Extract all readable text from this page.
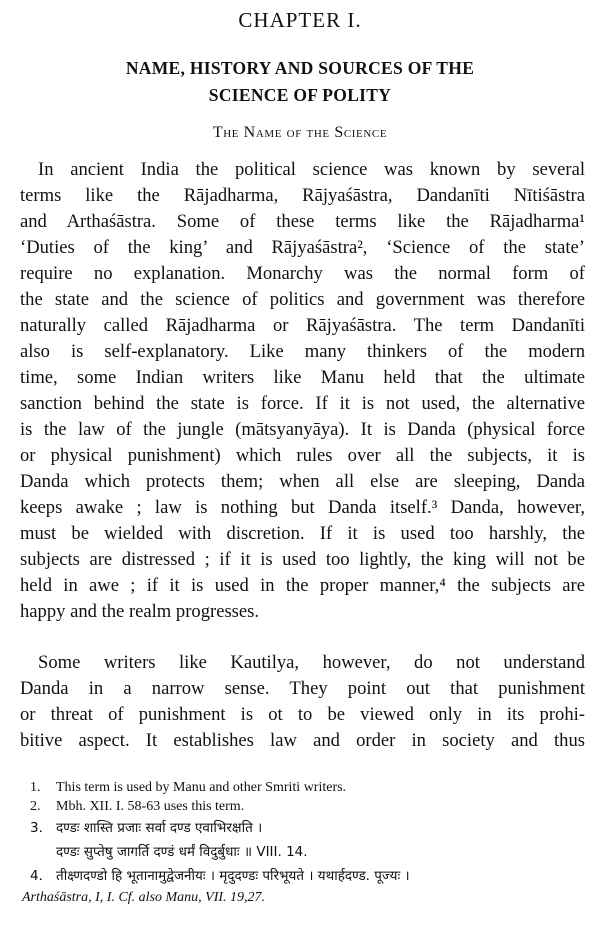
CHAPTER I.
NAME, HISTORY AND SOURCES OF THE
SCIENCE OF POLITY
The Name of the Science
In ancient India the political science was known by several
terms like the Rājadharma, Rājyaśāstra, Dandanīti Nītiśāstra
and Arthaśāstra. Some of these terms like the Rājadharma¹
‘Duties of the king’ and Rājyaśāstra², ‘Science of the state’
require no explanation. Monarchy was the normal form of
the state and the science of politics and government was therefore
naturally called Rājadharma or Rājyaśāstra. The term Dandanīti
also is self-explanatory. Like many thinkers of the modern
time, some Indian writers like Manu held that the ultimate
sanction behind the state is force. If it is not used, the alternative
is the law of the jungle (mātsyanyāya). It is Danda (physical force
or physical punishment) which rules over all the subjects, it is
Danda which protects them; when all else are sleeping, Danda
keeps awake ; law is nothing but Danda itself.³ Danda, however,
must be wielded with discretion. If it is used too harshly, the
subjects are distressed ; if it is used too lightly, the king will not be
held in awe ; if it is used in the proper manner,⁴ the subjects are
happy and the realm progresses.
Some writers like Kautilya, however, do not understand
Danda in a narrow sense. They point out that punishment
or threat of punishment is ot to be viewed only in its prohi-
bitive aspect. It establishes law and order in society and thus
1. This term is used by Manu and other Smriti writers.
2. Mbh. XII. I. 58-63 uses this term.
3. दण्डः शास्ति प्रजाः सर्वा दण्ड एवाभिरक्षति ।
दण्डः सुप्तेषु जागर्ति दण्डं धर्मं विदुर्बुधाः ॥ VIII. 14.
4. तीक्ष्णदण्डो हि भूतानामुद्वेजनीयः । मृदुदण्डः परिभूयते । यथार्हदण्ड. पूज्यः ।
Arthaśāstra, I, I. Cf. also Manu, VII. 19,27.
